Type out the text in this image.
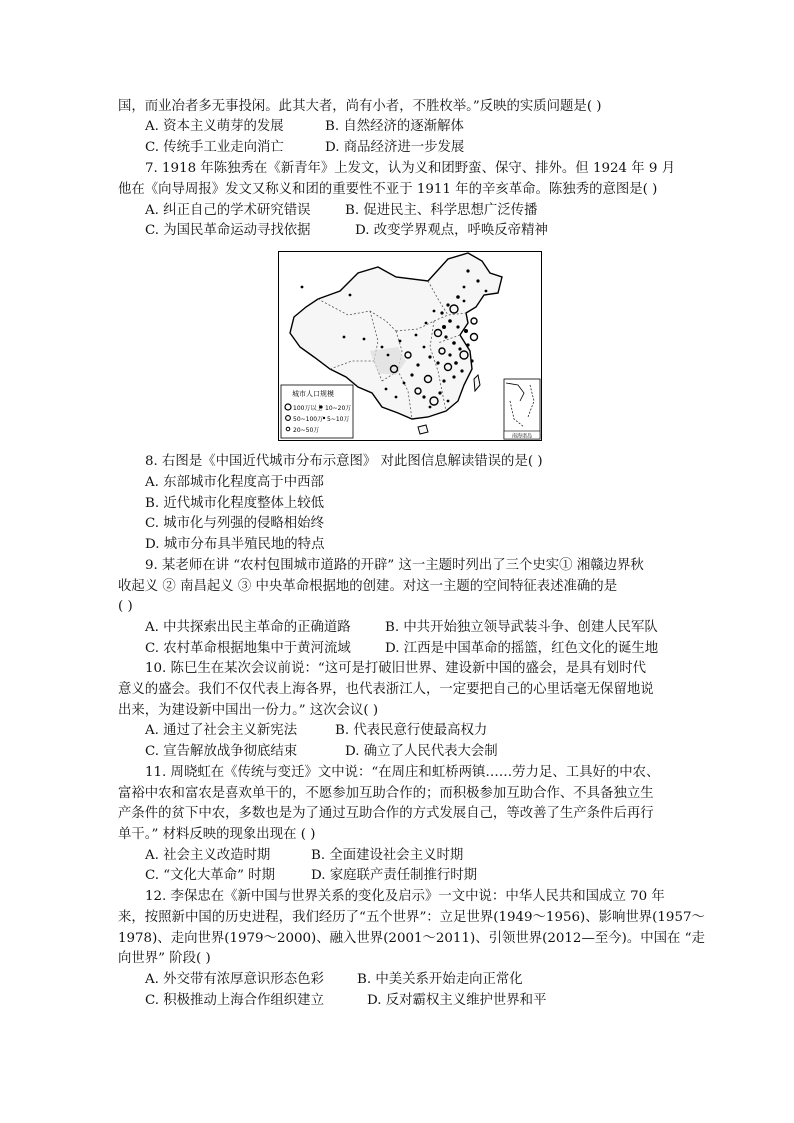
国，而业冶者多无事投闲。此其大者，尚有小者，不胜枚举。”反映的实质问题是( )
A. 资本主义萌芽的发展	B. 自然经济的逐渐解体
C. 传统手工业走向消亡	D. 商品经济进一步发展
7. 1918 年陈独秀在《新青年》上发文，认为义和团野蛮、保守、排外。但 1924 年 9 月
他在《向导周报》发文又称义和团的重要性不亚于 1911 年的辛亥革命。陈独秀的意图是( )
A. 纠正自己的学术研究错误	B. 促进民主、科学思想广泛传播
C. 为国民革命运动寻找依据	D. 改变学界观点，呼唤反帝精神
城市人口规模
100万以上 10~20万
50~100万 5~10万
20~50万
南海诸岛
8. 右图是《中国近代城市分布示意图》 对此图信息解读错误的是( )
A. 东部城市化程度高于中西部
B. 近代城市化程度整体上较低
C. 城市化与列强的侵略相始终
D. 城市分布具半殖民地的特点
9. 某老师在讲 “农村包围城市道路的开辟” 这一主题时列出了三个史实① 湘赣边界秋
收起义 ② 南昌起义 ③ 中央革命根据地的创建。对这一主题的空间特征表述准确的是
( )
A. 中共探索出民主革命的正确道路	B. 中共开始独立领导武装斗争、创建人民军队
C. 农村革命根据地集中于黄河流域	D. 江西是中国革命的摇篮，红色文化的诞生地
10. 陈巳生在某次会议前说：“这可是打破旧世界、建设新中国的盛会，是具有划时代
意义的盛会。我们不仅代表上海各界，也代表浙江人，一定要把自己的心里话毫无保留地说
出来，为建设新中国出一份力。” 这次会议( )
A. 通过了社会主义新宪法	B. 代表民意行使最高权力
C. 宣告解放战争彻底结束	D. 确立了人民代表大会制
11. 周晓虹在《传统与变迁》文中说：“在周庄和虹桥两镇……劳力足、工具好的中农、
富裕中农和富农是喜欢单干的，不愿参加互助合作的；而积极参加互助合作、不具备独立生
产条件的贫下中农，多数也是为了通过互助合作的方式发展自己，等改善了生产条件后再行
单干。” 材料反映的现象出现在 ( )
A. 社会主义改造时期	B. 全面建设社会主义时期
C. “文化大革命” 时期	D. 家庭联产责任制推行时期
12. 李保忠在《新中国与世界关系的变化及启示》一文中说：中华人民共和国成立 70 年
来，按照新中国的历史进程，我们经历了“五个世界”：立足世界(1949～1956)、影响世界(1957～
1978)、走向世界(1979～2000)、融入世界(2001～2011)、引领世界(2012—至今)。中国在 “走
向世界” 阶段( )
A. 外交带有浓厚意识形态色彩 B. 中美关系开始走向正常化
C. 积极推动上海合作组织建立	D. 反对霸权主义维护世界和平
